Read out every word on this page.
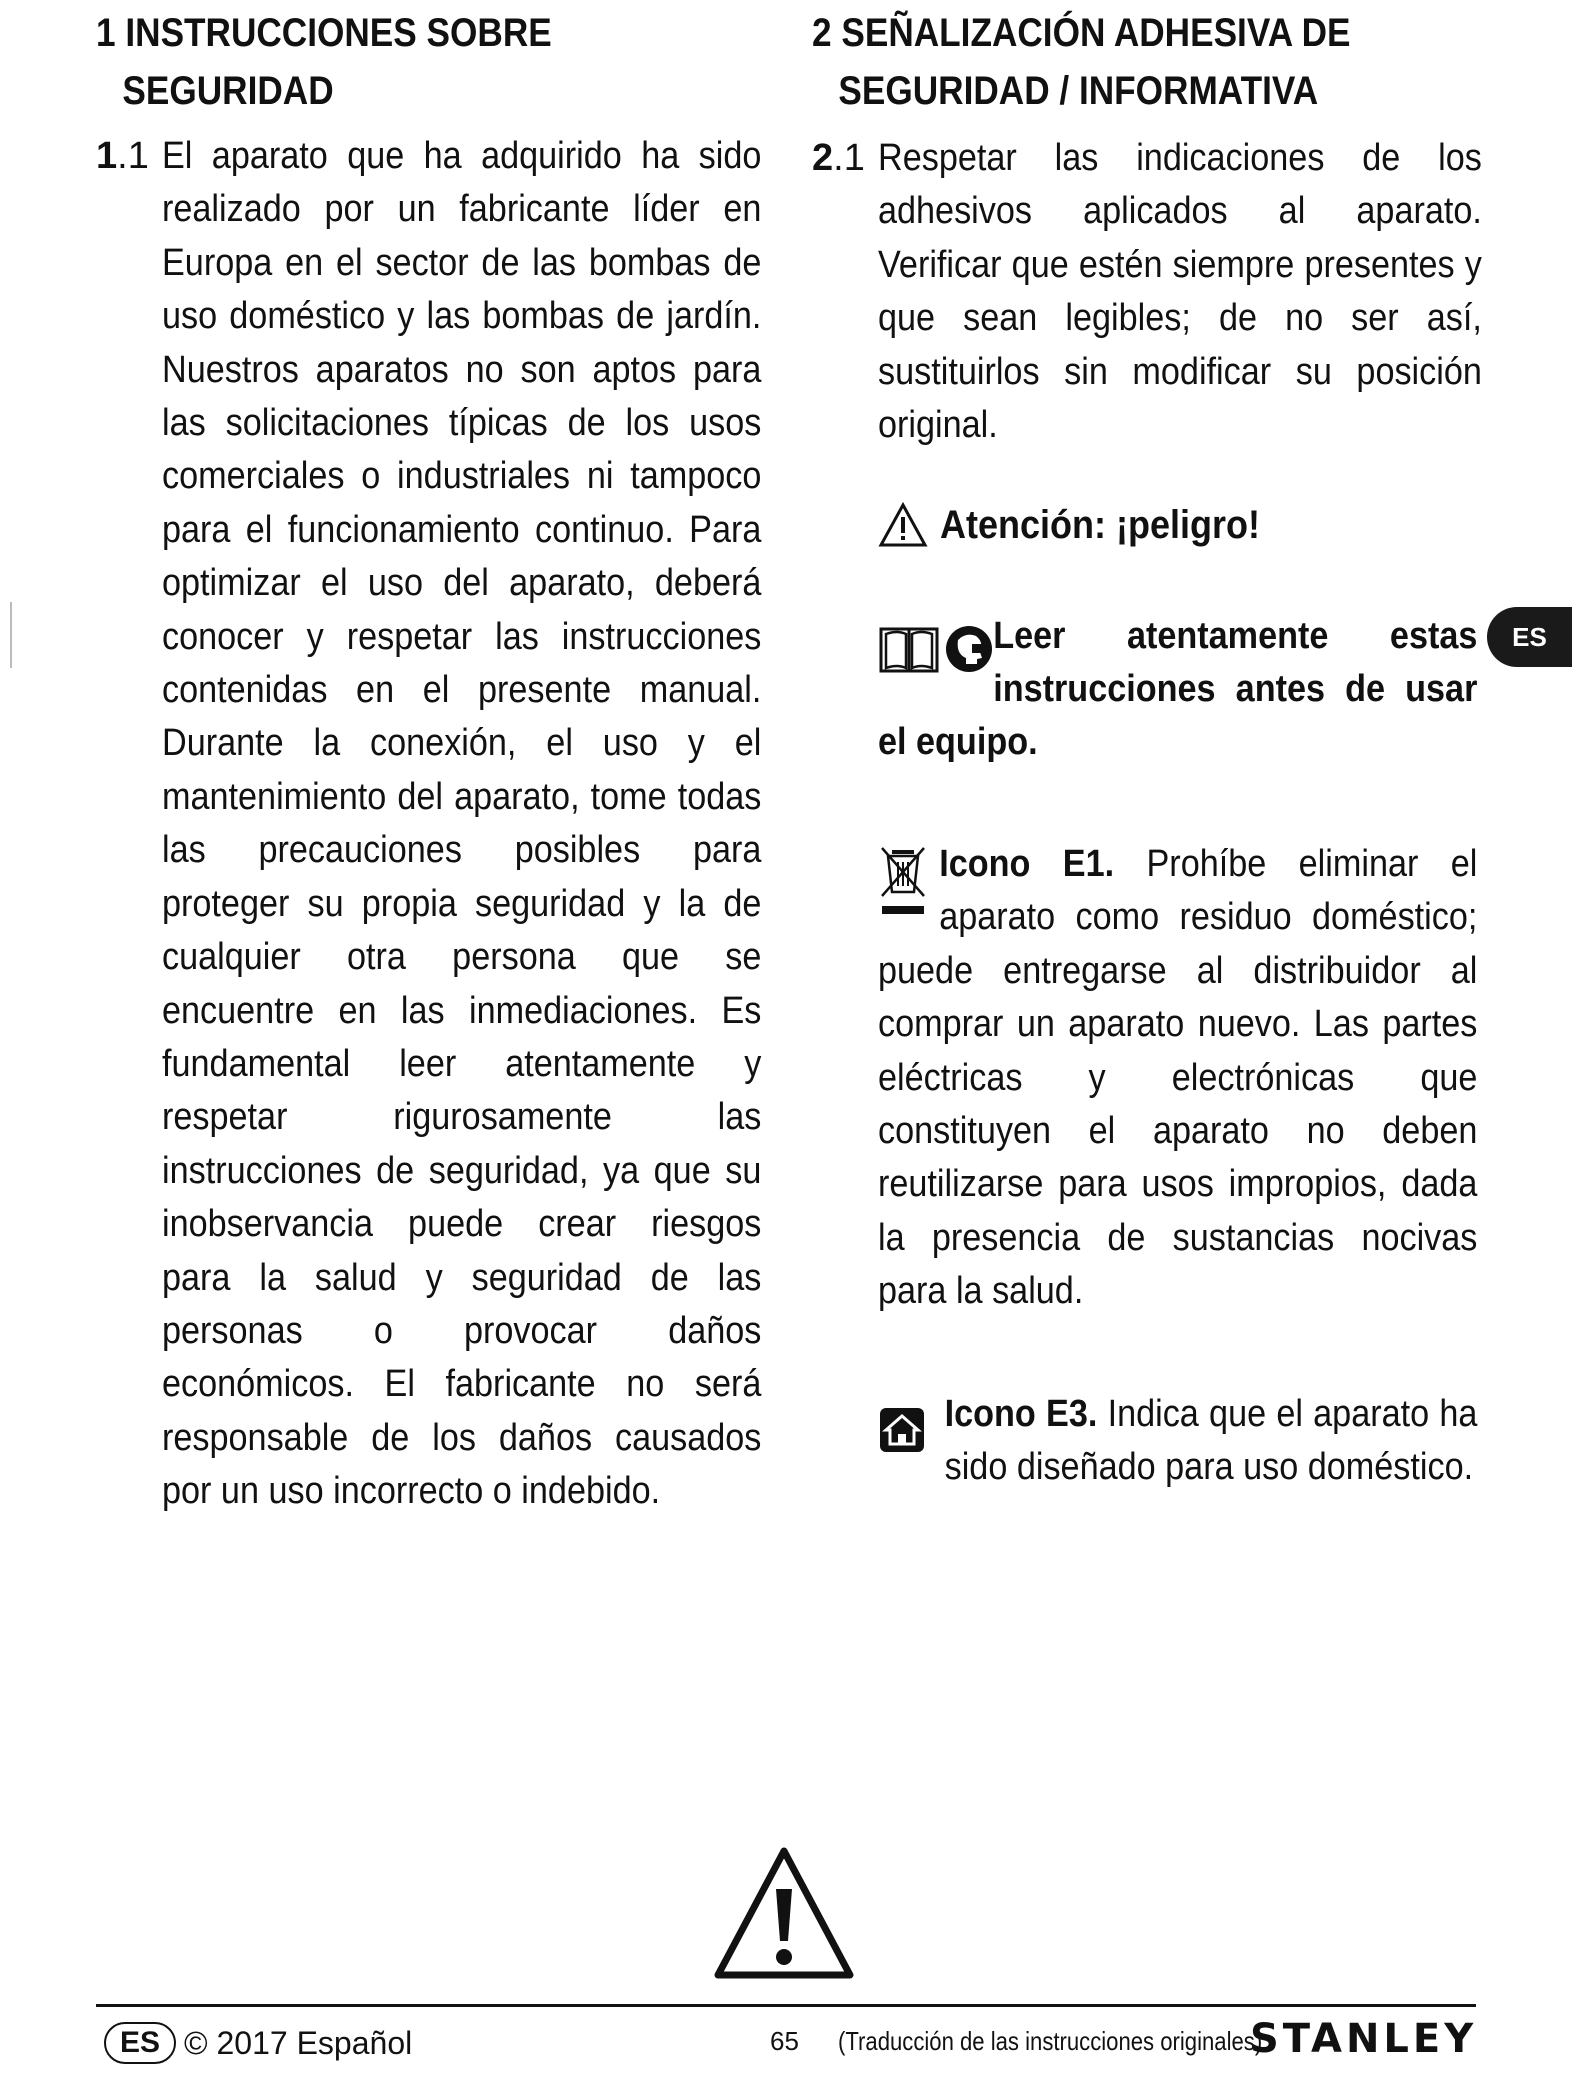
1 INSTRUCCIONES SOBRE
SEGURIDAD
1.1 El aparato que ha adquirido ha sido realizado por un fabricante líder en Europa en el sector de las bombas de uso doméstico y las bombas de jardín. Nuestros aparatos no son aptos para las solicitaciones típicas de los usos comerciales o industriales ni tampoco para el funcionamiento continuo. Para optimizar el uso del aparato, deberá conocer y respetar las instrucciones contenidas en el presente manual. Durante la conexión, el uso y el mantenimiento del aparato, tome todas las precauciones posibles para proteger su propia seguridad y la de cualquier otra persona que se encuentre en las inmediaciones. Es fundamental leer atentamente y respetar rigurosamente las instrucciones de seguridad, ya que su inobservancia puede crear riesgos para la salud y seguridad de las personas o provocar daños económicos. El fabricante no será responsable de los daños causados por un uso incorrecto o indebido.
2 SEÑALIZACIÓN ADHESIVA DE
SEGURIDAD / INFORMATIVA
2.1 Respetar las indicaciones de los adhesivos aplicados al aparato. Verificar que estén siempre presentes y que sean legibles; de no ser así, sustituirlos sin modificar su posición original.
Atención: ¡peligro!
Leer atentamente estas instrucciones antes de usar el equipo.
Icono E1. Prohíbe eliminar el aparato como residuo doméstico; puede entregarse al distribuidor al comprar un aparato nuevo. Las partes eléctricas y electrónicas que constituyen el aparato no deben reutilizarse para usos impropios, dada la presencia de sustancias nocivas para la salud.
Icono E3. Indica que el aparato ha sido diseñado para uso doméstico.
ES
ES © 2017 Español	65 (Traducción de las instrucciones originales)
STANLEY
